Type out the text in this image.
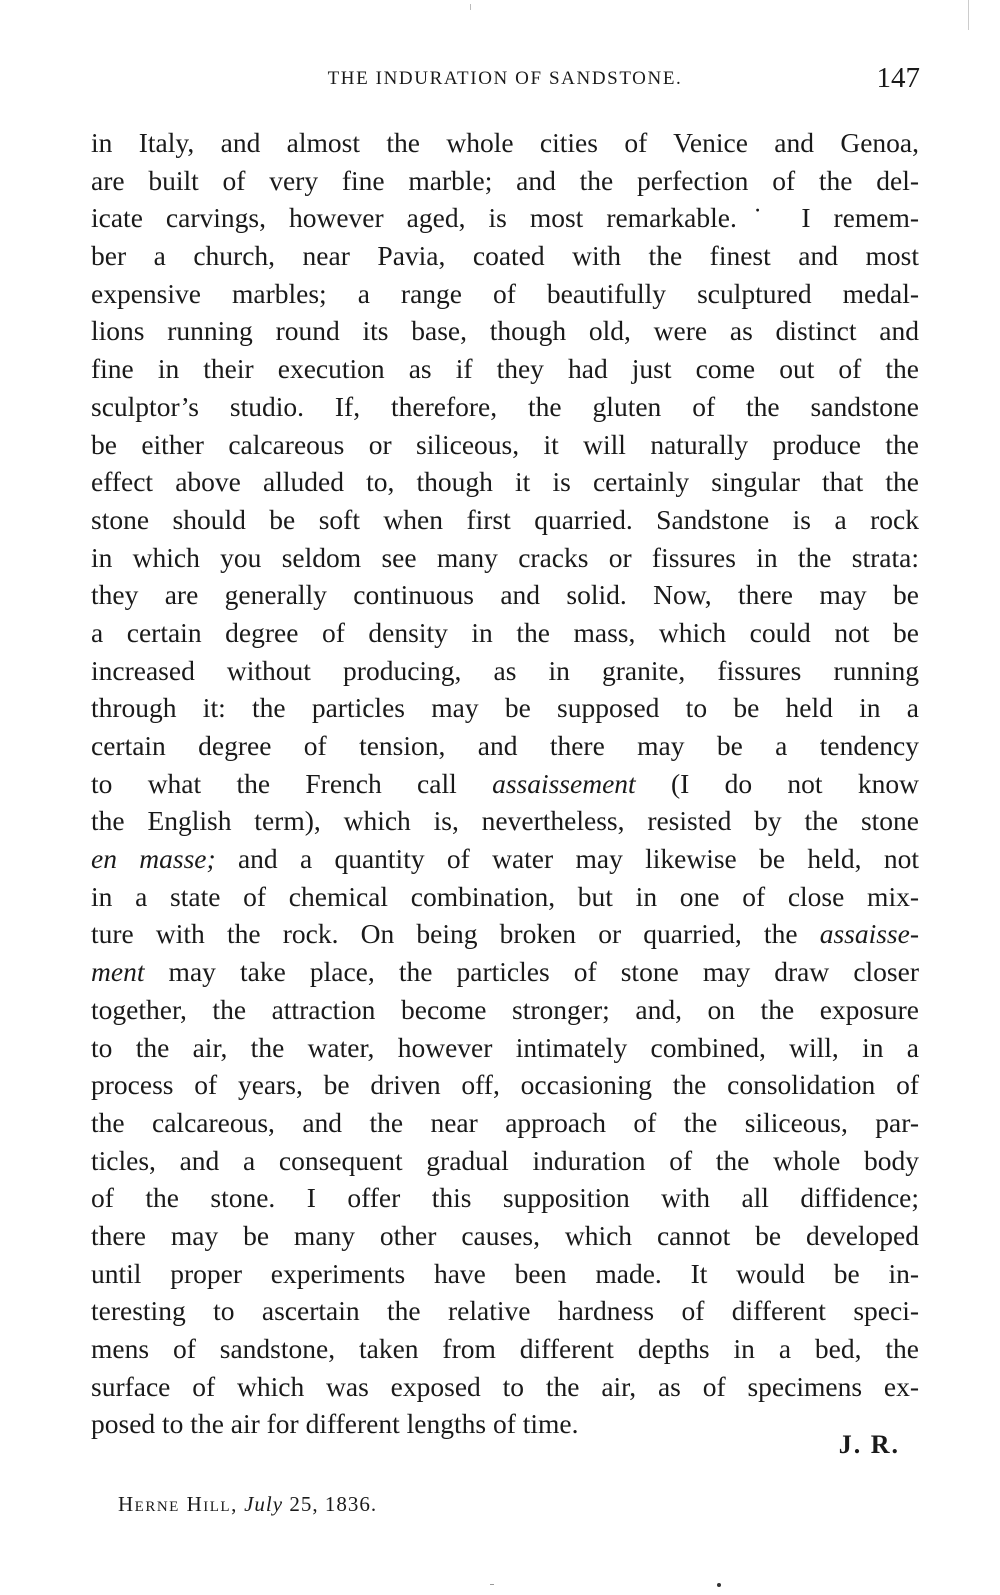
THE INDURATION OF SANDSTONE.	147
in Italy, and almost the whole cities of Venice and Genoa,
are built of very fine marble; and the perfection of the del-
icate carvings, however aged, is most remarkable.˙ I remem-
ber a church, near Pavia, coated with the finest and most
expensive marbles; a range of beautifully sculptured medal-
lions running round its base, though old, were as distinct and
fine in their execution as if they had just come out of the
sculptor’s studio. If, therefore, the gluten of the sandstone
be either calcareous or siliceous, it will naturally produce the
effect above alluded to, though it is certainly singular that the
stone should be soft when first quarried. Sandstone is a rock
in which you seldom see many cracks or fissures in the strata:
they are generally continuous and solid. Now, there may be
a certain degree of density in the mass, which could not be
increased without producing, as in granite, fissures running
through it: the particles may be supposed to be held in a
certain degree of tension, and there may be a tendency
to what the French call assaissement (I do not know
the English term), which is, nevertheless, resisted by the stone
en masse; and a quantity of water may likewise be held, not
in a state of chemical combination, but in one of close mix-
ture with the rock. On being broken or quarried, the assaisse-
ment may take place, the particles of stone may draw closer
together, the attraction become stronger; and, on the exposure
to the air, the water, however intimately combined, will, in a
process of years, be driven off, occasioning the consolidation of
the calcareous, and the near approach of the siliceous, par-
ticles, and a consequent gradual induration of the whole body
of the stone. I offer this supposition with all diffidence;
there may be many other causes, which cannot be developed
until proper experiments have been made. It would be in-
teresting to ascertain the relative hardness of different speci-
mens of sandstone, taken from different depths in a bed, the
surface of which was exposed to the air, as of specimens ex-
posed to the air for different lengths of time.
J. R.
Herne Hill, July 25, 1836.
